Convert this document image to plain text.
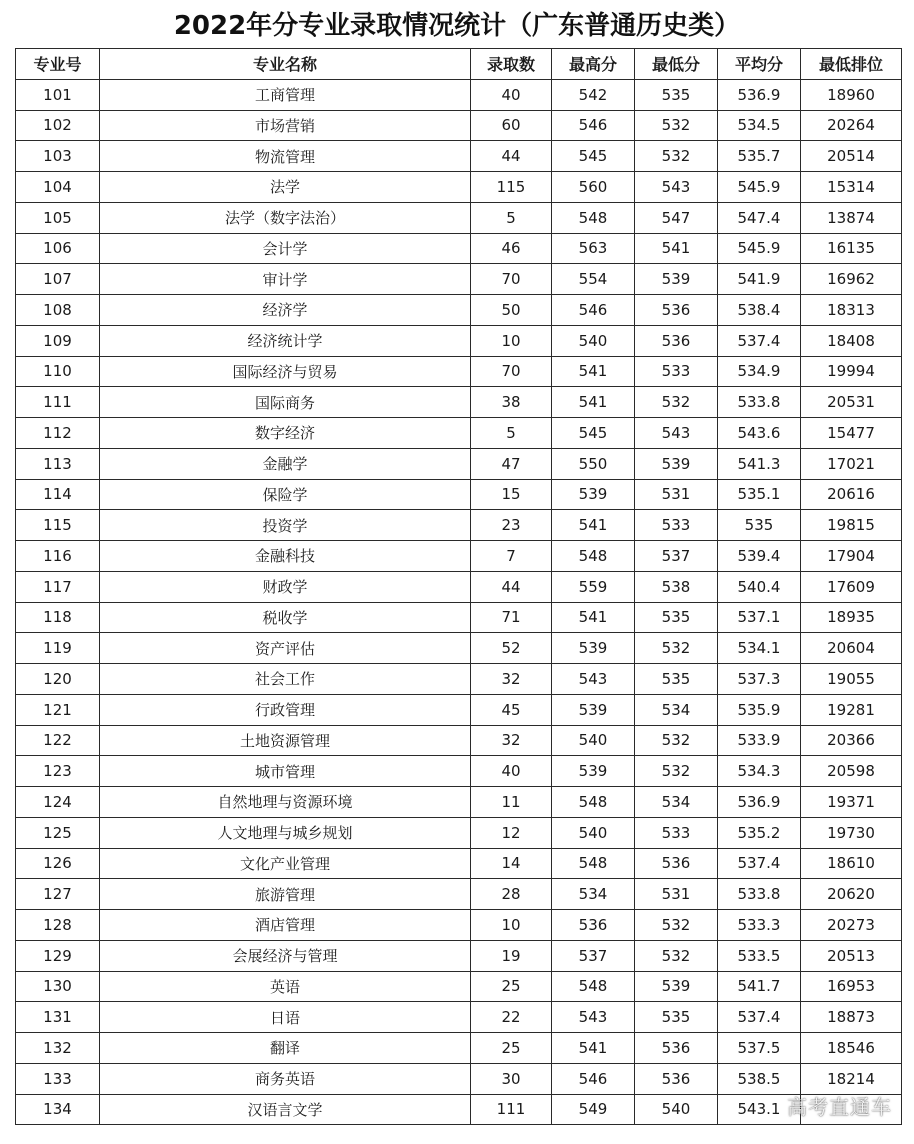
2022年分专业录取情况统计（广东普通历史类）
专业号	专业名称	录取数	最高分	最低分	平均分	最低排位
101	工商管理	40	542	535	536.9	18960
102	市场营销	60	546	532	534.5	20264
103	物流管理	44	545	532	535.7	20514
104	法学	115	560	543	545.9	15314
105	法学（数字法治）	5	548	547	547.4	13874
106	会计学	46	563	541	545.9	16135
107	审计学	70	554	539	541.9	16962
108	经济学	50	546	536	538.4	18313
109	经济统计学	10	540	536	537.4	18408
110	国际经济与贸易	70	541	533	534.9	19994
111	国际商务	38	541	532	533.8	20531
112	数字经济	5	545	543	543.6	15477
113	金融学	47	550	539	541.3	17021
114	保险学	15	539	531	535.1	20616
115	投资学	23	541	533	535	19815
116	金融科技	7	548	537	539.4	17904
117	财政学	44	559	538	540.4	17609
118	税收学	71	541	535	537.1	18935
119	资产评估	52	539	532	534.1	20604
120	社会工作	32	543	535	537.3	19055
121	行政管理	45	539	534	535.9	19281
122	土地资源管理	32	540	532	533.9	20366
123	城市管理	40	539	532	534.3	20598
124	自然地理与资源环境	11	548	534	536.9	19371
125	人文地理与城乡规划	12	540	533	535.2	19730
126	文化产业管理	14	548	536	537.4	18610
127	旅游管理	28	534	531	533.8	20620
128	酒店管理	10	536	532	533.3	20273
129	会展经济与管理	19	537	532	533.5	20513
130	英语	25	548	539	541.7	16953
131	日语	22	543	535	537.4	18873
132	翻译	25	541	536	537.5	18546
133	商务英语	30	546	536	538.5	18214
134	汉语言文学	111	549	540	543.1	高考直通车
